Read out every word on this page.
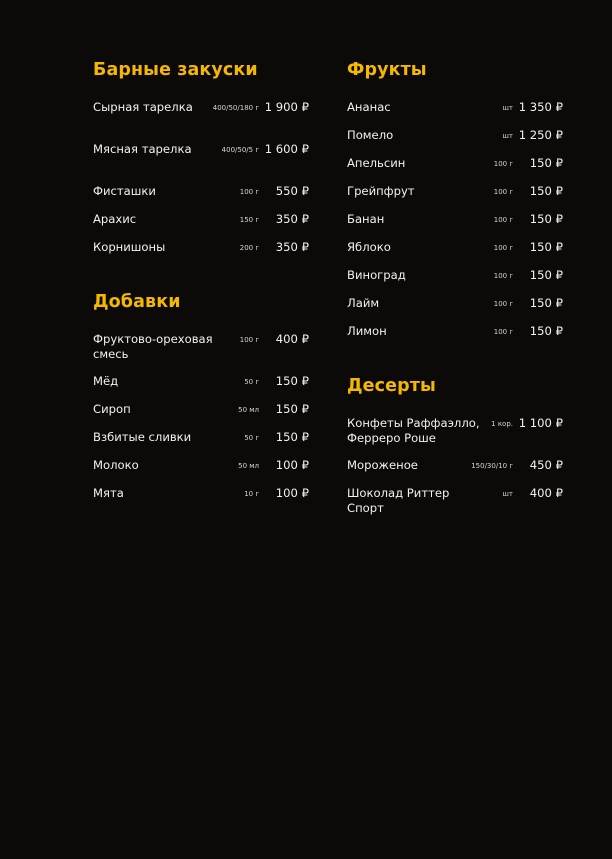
Барные закуски
Сырная тарелка	400/50/180 г 1 900 ₽
Мясная тарелка	400/50/5 г 1 600 ₽
Фисташки	100 г	550 ₽
Арахис	150 г	350 ₽
Корнишоны	200 г	350 ₽
Добавки
Фруктово-ореховая смесь
100 г	400 ₽
Мёд	50 г	150 ₽
Сироп	50 мл	150 ₽
Взбитые сливки	50 г	150 ₽
Молоко	50 мл	100 ₽
Мята	10 г	100 ₽
Фрукты
Ананас	шт 1 350 ₽
Помело	шт 1 250 ₽
Апельсин	100 г	150 ₽
Грейпфрут	100 г	150 ₽
Банан	100 г	150 ₽
Яблоко	100 г	150 ₽
Виноград	100 г	150 ₽
Лайм	100 г	150 ₽
Лимон	100 г	150 ₽
Десерты
Конфеты Раффаэлло, Ферреро Роше
1 кор. 1 100 ₽
Мороженое	150/30/10 г	450 ₽
Шоколад Риттер Спорт
шт	400 ₽
